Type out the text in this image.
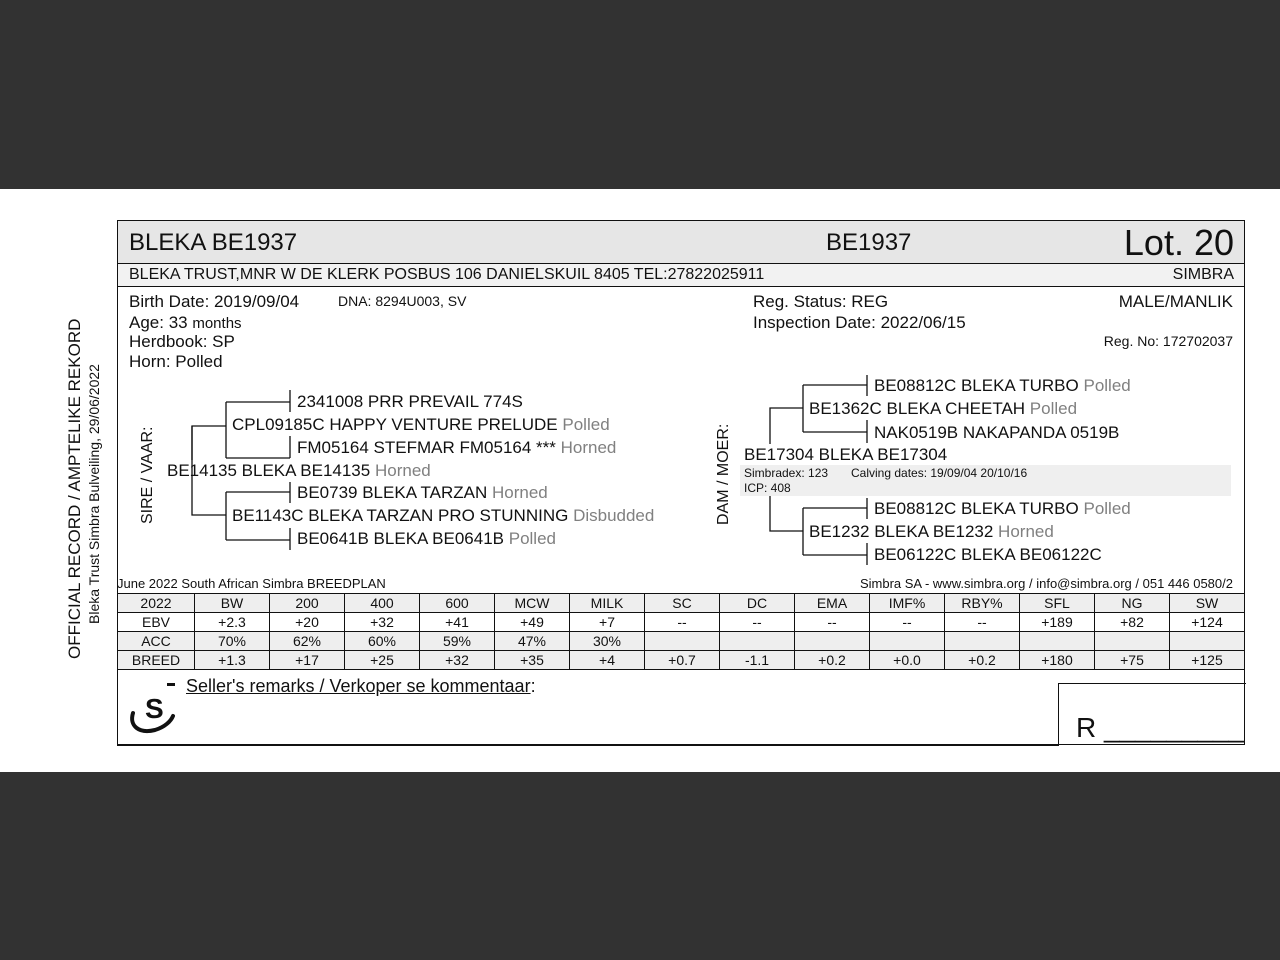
OFFICIAL RECORD / AMPTELIKE REKORD Bleka Trust Simbra Bulveiling, 29/06/2022
BLEKA BE1937	BE1937	Lot. 20
BLEKA TRUST,MNR W DE KLERK POSBUS 106 DANIELSKUIL 8405 TEL:27822025911	SIMBRA
Birth Date: 2019/09/04	DNA: 8294U003, SV
Age: 33 months
Herdbook: SP
Horn: Polled
Reg. Status: REG
Inspection Date: 2022/06/15
MALE/MANLIK
Reg. No: 172702037
SIRE / VAAR:	DAM / MOER:
2341008 PRR PREVAIL 774S
CPL09185C HAPPY VENTURE PRELUDE Polled
FM05164 STEFMAR FM05164 *** Horned
BE14135 BLEKA BE14135 Horned
BE0739 BLEKA TARZAN Horned
BE1143C BLEKA TARZAN PRO STUNNING Disbudded
BE0641B BLEKA BE0641B Polled
BE08812C BLEKA TURBO Polled
BE1362C BLEKA CHEETAH Polled
NAK0519B NAKAPANDA 0519B
BE17304 BLEKA BE17304
Simbradex: 123 Calving dates: 19/09/04 20/10/16
ICP: 408
BE08812C BLEKA TURBO Polled
BE1232 BLEKA BE1232 Horned
BE06122C BLEKA BE06122C
June 2022 South African Simbra BREEDPLAN	Simbra SA - www.simbra.org / info@simbra.org / 051 446 0580/2
2022	BW	200	400	600	MCW	MILK	SC	DC	EMA	IMF%	RBY%	SFL	NG	SW
EBV	+2.3	+20	+32	+41	+49	+7	--	--	--	--	--	+189	+82	+124
ACC	70%	62%	60%	59%	47%	30%								
BREED	+1.3	+17	+25	+32	+35	+4	+0.7	-1.1	+0.2	+0.0	+0.2	+180	+75	+125
S
Seller's remarks / Verkoper se kommentaar:
R _________
